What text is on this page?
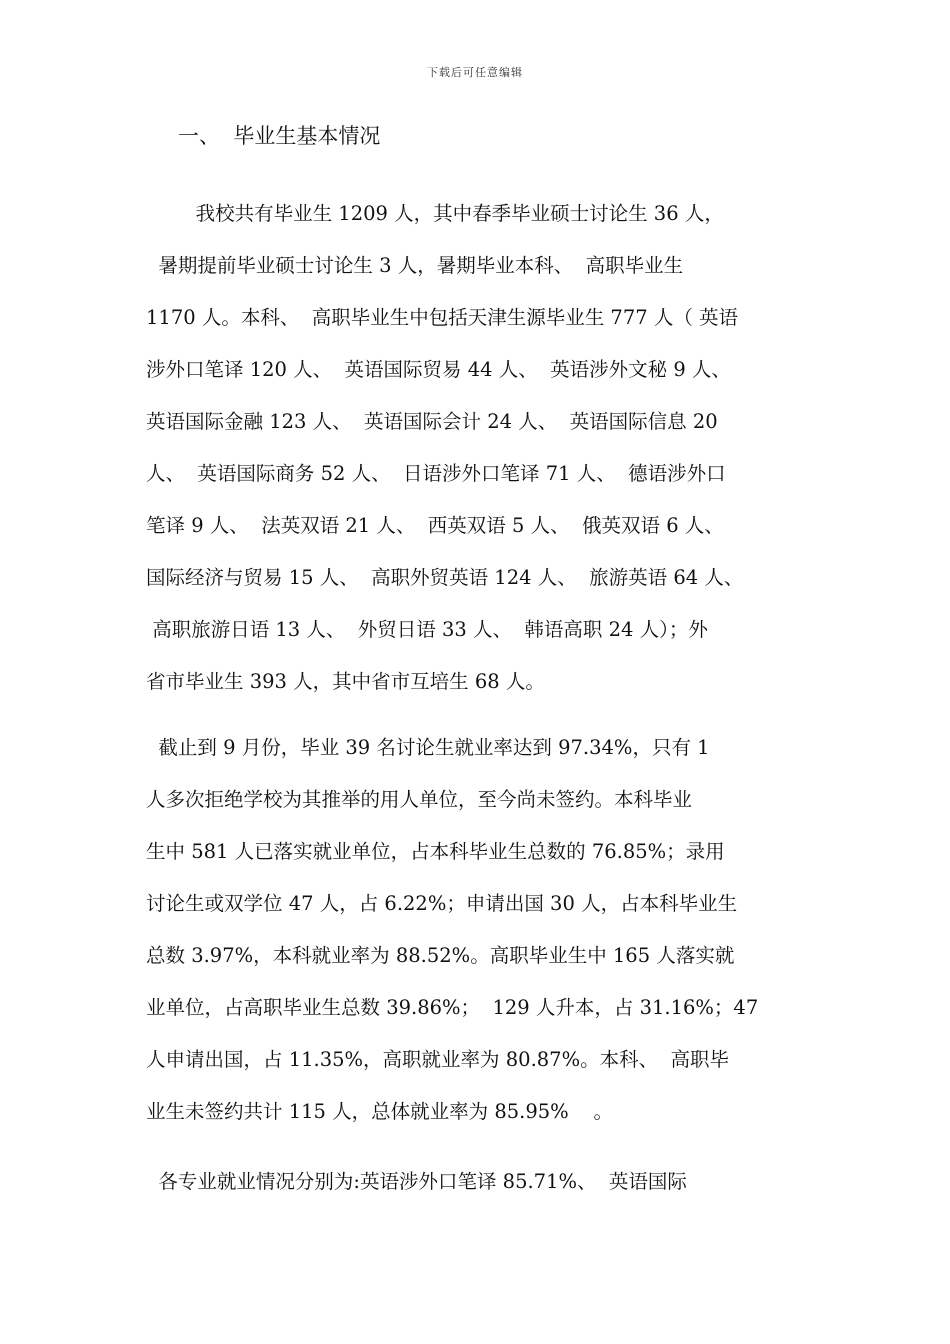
下载后可任意编辑
一、  毕业生基本情况
我校共有毕业生 1209 人，其中春季毕业硕士讨论生 36 人，
暑期提前毕业硕士讨论生 3 人，暑期毕业本科、  高职毕业生
1170 人。本科、  高职毕业生中包括天津生源毕业生 777 人（ 英语
涉外口笔译 120 人、  英语国际贸易 44 人、  英语涉外文秘 9 人、
英语国际金融 123 人、  英语国际会计 24 人、  英语国际信息 20
人、  英语国际商务 52 人、  日语涉外口笔译 71 人、  德语涉外口
笔译 9 人、  法英双语 21 人、  西英双语 5 人、  俄英双语 6 人、
国际经济与贸易 15 人、  高职外贸英语 124 人、  旅游英语 64 人、
高职旅游日语 13 人、  外贸日语 33 人、  韩语高职 24 人）；外
省市毕业生 393 人，其中省市互培生 68 人。
截止到 9 月份，毕业 39 名讨论生就业率达到 97.34%，只有 1
人多次拒绝学校为其推举的用人单位，至今尚未签约。本科毕业
生中 581 人已落实就业单位，占本科毕业生总数的 76.85%；录用
讨论生或双学位 47 人，占 6.22%；申请出国 30 人，占本科毕业生
总数 3.97%，本科就业率为 88.52%。高职毕业生中 165 人落实就
业单位，占高职毕业生总数 39.86%；  129 人升本，占 31.16%；47
人申请出国，占 11.35%，高职就业率为 80.87%。本科、  高职毕
业生未签约共计 115 人，总体就业率为 85.95%    。
各专业就业情况分别为:英语涉外口笔译 85.71%、  英语国际
